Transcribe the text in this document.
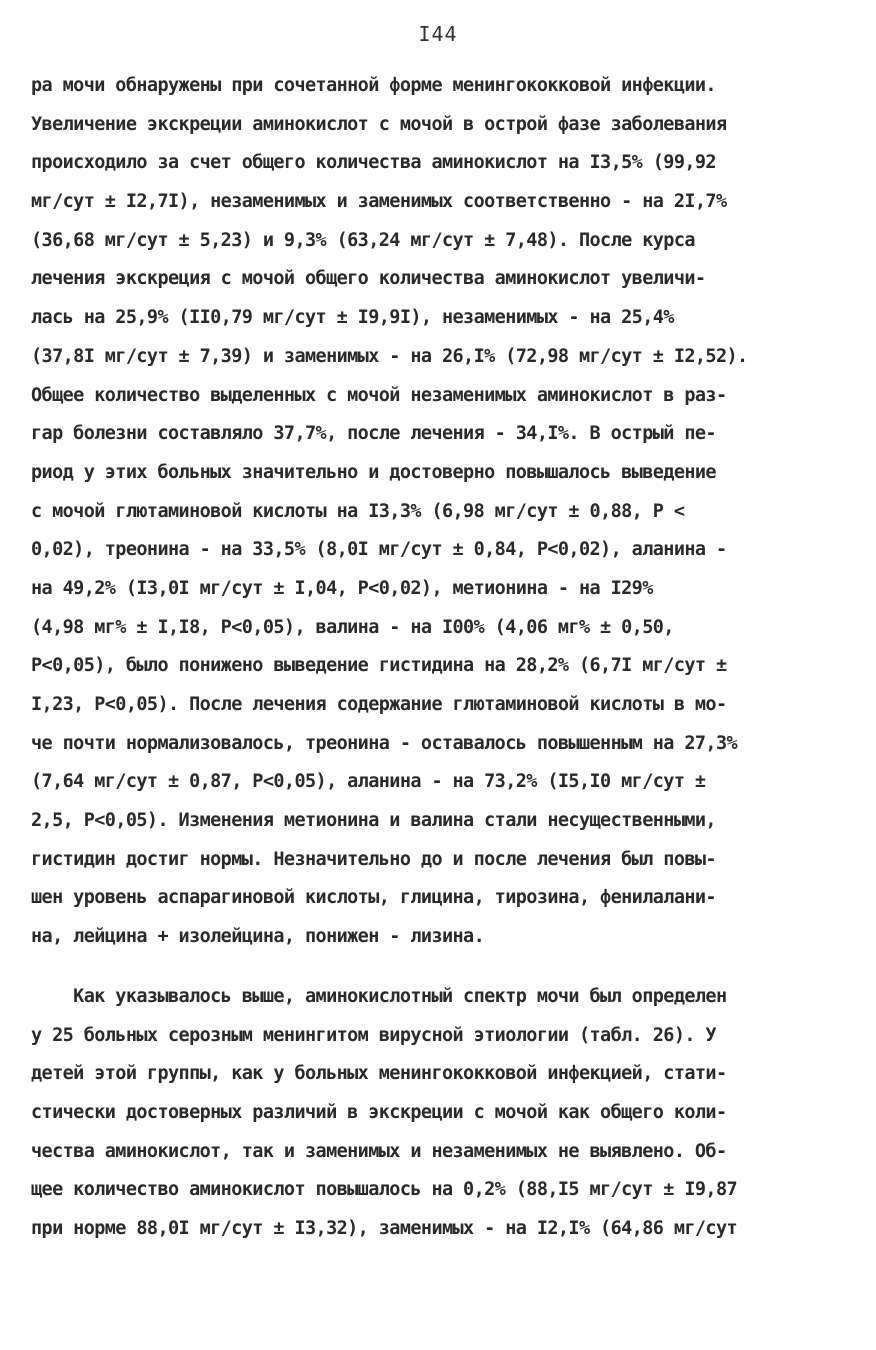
I44
ра мочи обнаружены при сочетанной форме менингококковой инфекции.
Увеличение экскреции аминокислот с мочой в острой фазе заболевания
происходило за счет общего количества аминокислот на I3,5% (99,92
мг/сут ± I2,7I), незаменимых и заменимых соответственно - на 2I,7%
(36,68 мг/сут ± 5,23) и 9,3% (63,24 мг/сут ± 7,48). После курса
лечения экскреция с мочой общего количества аминокислот увеличи-
лась на 25,9% (II0,79 мг/сут ± I9,9I), незаменимых - на 25,4%
(37,8I мг/сут ± 7,39) и заменимых - на 26,I% (72,98 мг/сут ± I2,52).
Общее количество выделенных с мочой незаменимых аминокислот в раз-
гар болезни составляло 37,7%, после лечения - 34,I%. В острый пе-
риод у этих больных значительно и достоверно повышалось выведение
с мочой глютаминовой кислоты на I3,3% (6,98 мг/сут ± 0,88, P <
0,02), треонина - на 33,5% (8,0I мг/сут ± 0,84, P<0,02), аланина -
на 49,2% (I3,0I мг/сут ± I,04, P<0,02), метионина - на I29%
(4,98 мг% ± I,I8, P<0,05), валина - на I00% (4,06 мг% ± 0,50,
P<0,05), было понижено выведение гистидина на 28,2% (6,7I мг/сут ±
I,23, P<0,05). После лечения содержание глютаминовой кислоты в мо-
че почти нормализовалось, треонина - оставалось повышенным на 27,3%
(7,64 мг/сут ± 0,87, P<0,05), аланина - на 73,2% (I5,I0 мг/сут ±
2,5, P<0,05). Изменения метионина и валина стали несущественными,
гистидин достиг нормы. Незначительно до и после лечения был повы-
шен уровень аспарагиновой кислоты, глицина, тирозина, фенилалани-
на, лейцина + изолейцина, понижен - лизина.
Как указывалось выше, аминокислотный спектр мочи был определен
у 25 больных серозным менингитом вирусной этиологии (табл. 26). У
детей этой группы, как у больных менингококковой инфекцией, стати-
стически достоверных различий в экскреции с мочой как общего коли-
чества аминокислот, так и заменимых и незаменимых не выявлено. Об-
щее количество аминокислот повышалось на 0,2% (88,I5 мг/сут ± I9,87
при норме 88,0I мг/сут ± I3,32), заменимых - на I2,I% (64,86 мг/сут
